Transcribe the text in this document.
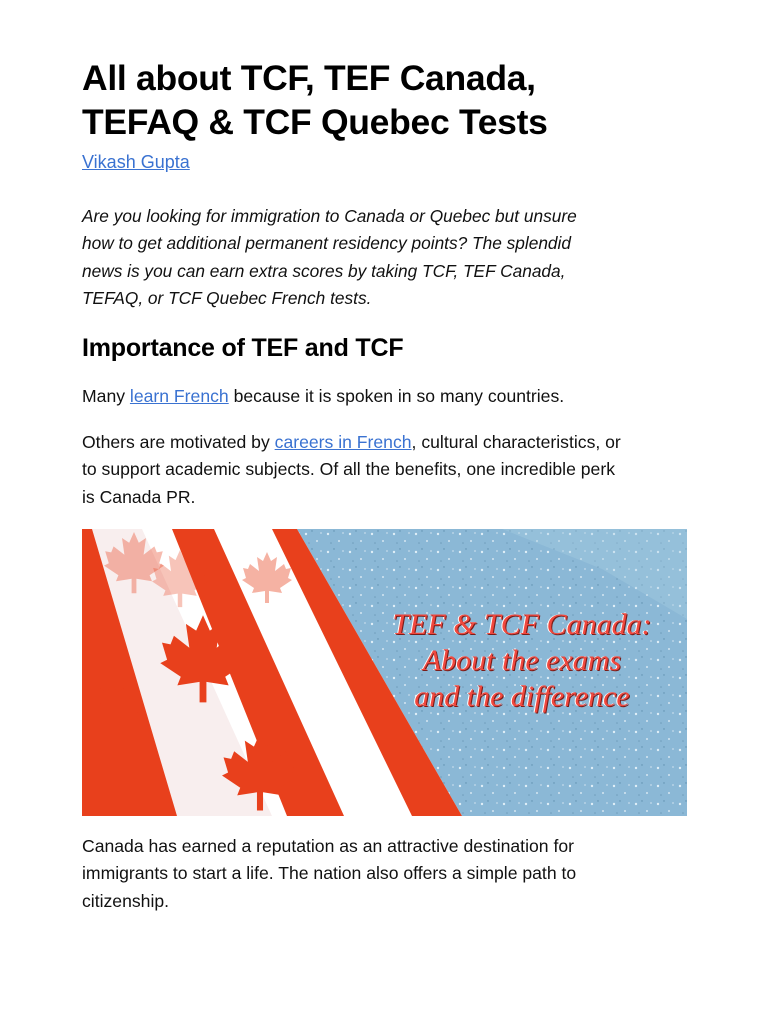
All about TCF, TEF Canada,
TEFAQ & TCF Quebec Tests
Vikash Gupta
Are you looking for immigration to Canada or Quebec but unsure
how to get additional permanent residency points? The splendid
news is you can earn extra scores by taking TCF, TEF Canada,
TEFAQ, or TCF Quebec French tests.
Importance of TEF and TCF
Many learn French because it is spoken in so many countries.
Others are motivated by careers in French, cultural characteristics, or
to support academic subjects. Of all the benefits, one incredible perk
is Canada PR.
TEF & TCF Canada:
About the exams
and the difference
Canada has earned a reputation as an attractive destination for
immigrants to start a life. The nation also offers a simple path to
citizenship.
